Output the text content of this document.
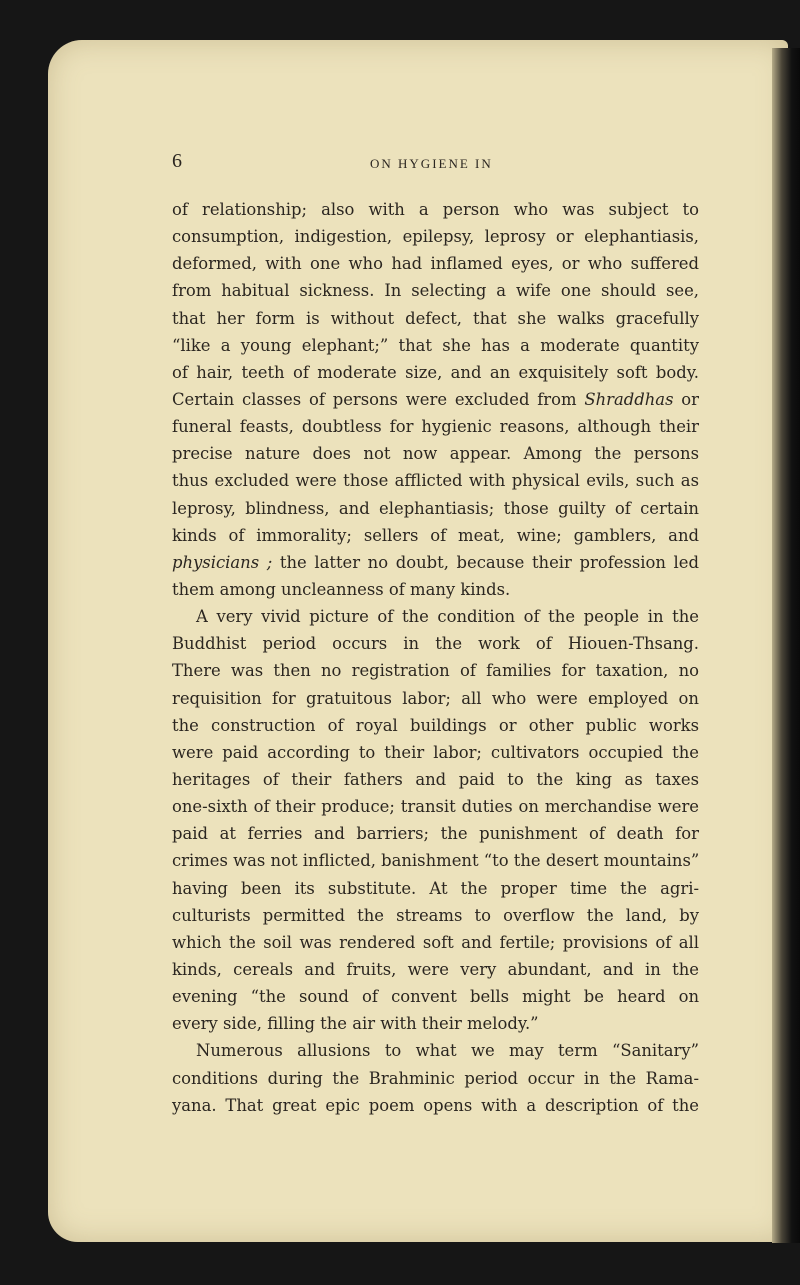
6	ON HYGIENE IN
of relationship; also with a person who was subject to
consumption, indigestion, epilepsy, leprosy or elephantiasis,
deformed, with one who had inflamed eyes, or who suffered
from habitual sickness. In selecting a wife one should see,
that her form is without defect, that she walks gracefully
“like a young elephant;” that she has a moderate quantity
of hair, teeth of moderate size, and an exquisitely soft body.
Certain classes of persons were excluded from Shraddhas or
funeral feasts, doubtless for hygienic reasons, although their
precise nature does not now appear. Among the persons
thus excluded were those afflicted with physical evils, such as
leprosy, blindness, and elephantiasis; those guilty of certain
kinds of immorality; sellers of meat, wine; gamblers, and
physicians ; the latter no doubt, because their profession led
them among uncleanness of many kinds.
A very vivid picture of the condition of the people in the
Buddhist period occurs in the work of Hiouen-Thsang.
There was then no registration of families for taxation, no
requisition for gratuitous labor; all who were employed on
the construction of royal buildings or other public works
were paid according to their labor; cultivators occupied the
heritages of their fathers and paid to the king as taxes
one-sixth of their produce; transit duties on merchandise were
paid at ferries and barriers; the punishment of death for
crimes was not inflicted, banishment “to the desert mountains”
having been its substitute. At the proper time the agri-
culturists permitted the streams to overflow the land, by
which the soil was rendered soft and fertile; provisions of all
kinds, cereals and fruits, were very abundant, and in the
evening “the sound of convent bells might be heard on
every side, filling the air with their melody.”
Numerous allusions to what we may term “Sanitary”
conditions during the Brahminic period occur in the Rama-
yana. That great epic poem opens with a description of the
